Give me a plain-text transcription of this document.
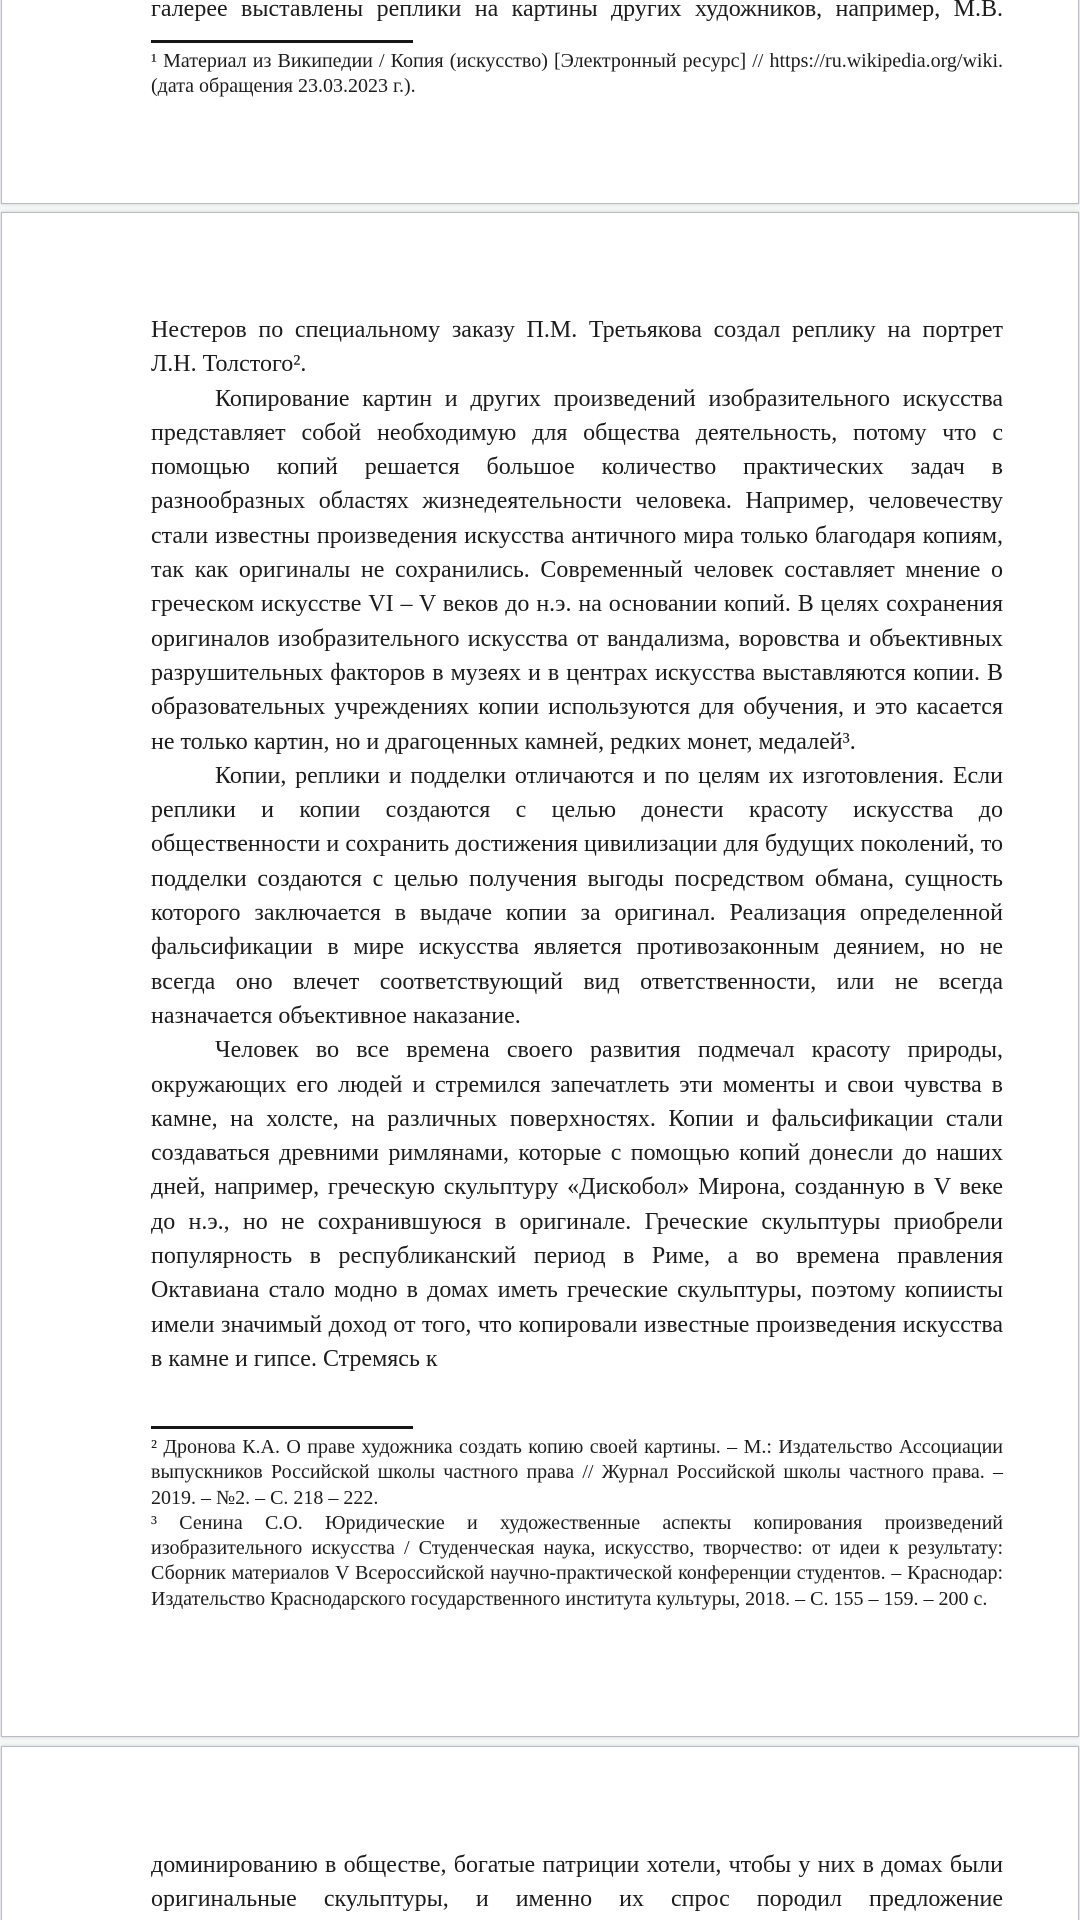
галерее выставлены реплики на картины других художников, например, М.В.

¹ Материал из Википедии / Копия (искусство) [Электронный ресурс] // https://ru.wikipedia.org/wiki. (дата обращения 23.03.2023 г.).

Нестеров по специальному заказу П.М. Третьякова создал реплику на портрет Л.Н. Толстого².

Копирование картин и других произведений изобразительного искусства представляет собой необходимую для общества деятельность, потому что с помощью копий решается большое количество практических задач в разнообразных областях жизнедеятельности человека. Например, человечеству стали известны произведения искусства античного мира только благодаря копиям, так как оригиналы не сохранились. Современный человек составляет мнение о греческом искусстве VI – V веков до н.э. на основании копий. В целях сохранения оригиналов изобразительного искусства от вандализма, воровства и объективных разрушительных факторов в музеях и в центрах искусства выставляются копии. В образовательных учреждениях копии используются для обучения, и это касается не только картин, но и драгоценных камней, редких монет, медалей³.

Копии, реплики и подделки отличаются и по целям их изготовления. Если реплики и копии создаются с целью донести красоту искусства до общественности и сохранить достижения цивилизации для будущих поколений, то подделки создаются с целью получения выгоды посредством обмана, сущность которого заключается в выдаче копии за оригинал. Реализация определенной фальсификации в мире искусства является противозаконным деянием, но не всегда оно влечет соответствующий вид ответственности, или не всегда назначается объективное наказание.

Человек во все времена своего развития подмечал красоту природы, окружающих его людей и стремился запечатлеть эти моменты и свои чувства в камне, на холсте, на различных поверхностях. Копии и фальсификации стали создаваться древними римлянами, которые с помощью копий донесли до наших дней, например, греческую скульптуру «Дискобол» Мирона, созданную в V веке до н.э., но не сохранившуюся в оригинале. Греческие скульптуры приобрели популярность в республиканский период в Риме, а во времена правления Октавиана стало модно в домах иметь греческие скульптуры, поэтому копиисты имели значимый доход от того, что копировали известные произведения искусства в камне и гипсе. Стремясь к

² Дронова К.А. О праве художника создать копию своей картины. – М.: Издательство Ассоциации выпускников Российской школы частного права // Журнал Российской школы частного права. – 2019. – №2. – С. 218 – 222.

³ Сенина С.О. Юридические и художественные аспекты копирования произведений изобразительного искусства / Студенческая наука, искусство, творчество: от идеи к результату: Сборник материалов V Всероссийской научно-практической конференции студентов. – Краснодар: Издательство Краснодарского государственного института культуры, 2018. – С. 155 – 159. – 200 с.

доминированию в обществе, богатые патриции хотели, чтобы у них в домах были оригинальные скульптуры, и именно их спрос породил предложение
